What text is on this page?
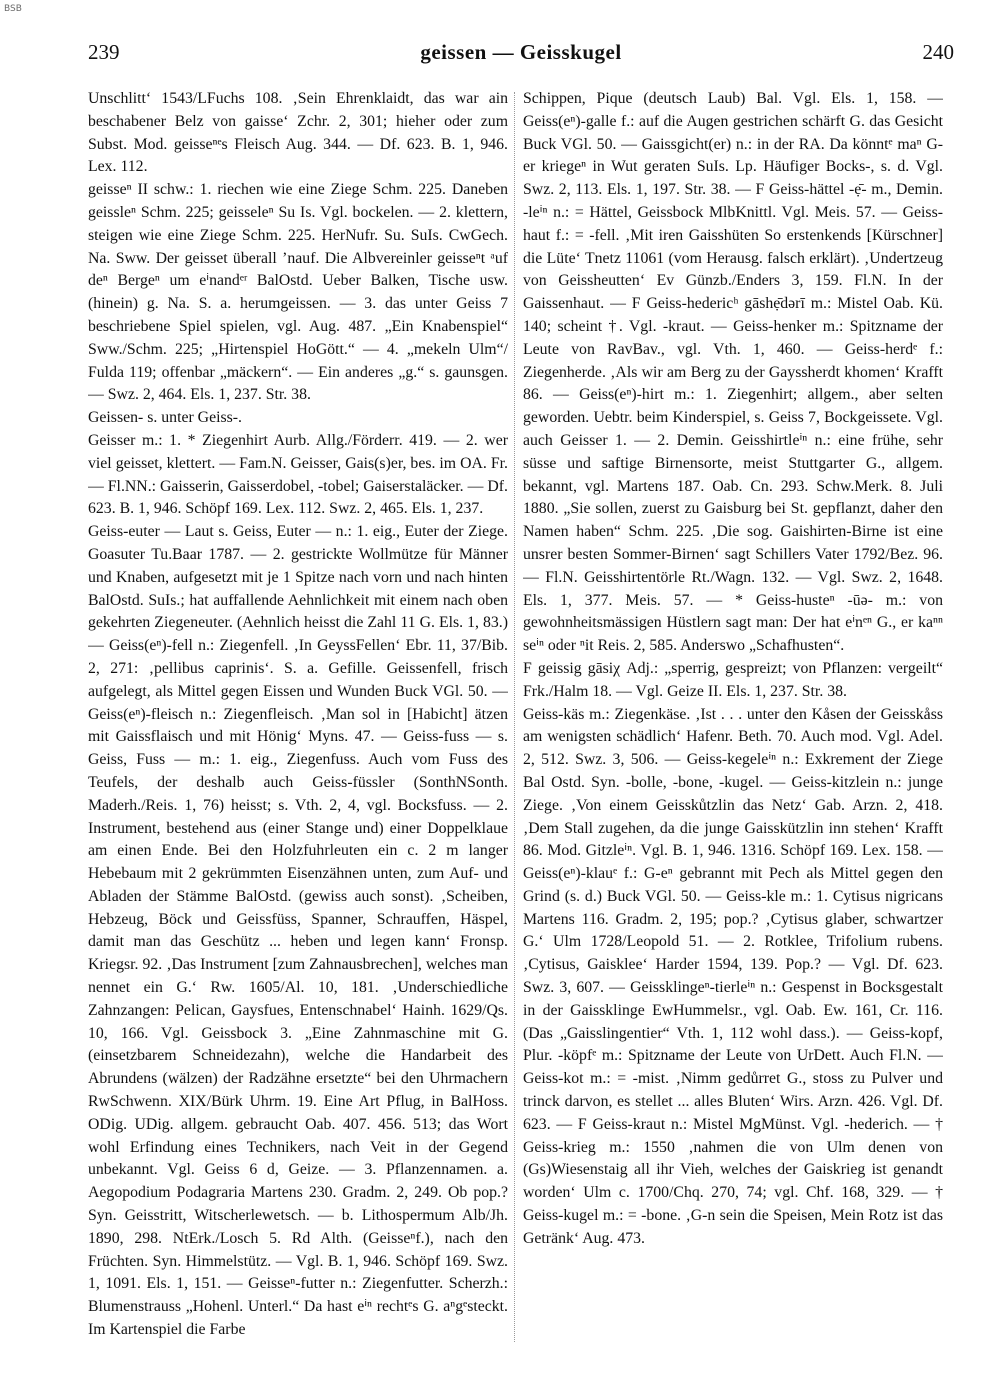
BSB
239	geissen — Geisskugel	240

Unschlitt‘ 1543/LFuchs 108. ‚Sein Ehrenklaidt, das war ain beschabener Belz von gaisse‘ Zchr. 2, 301; hieher oder zum Subst. Mod. geisseⁿᵉs Fleisch Aug. 344. — Df. 623. B. 1, 946. Lex. 112.

geisseⁿ II schw.: 1. riechen wie eine Ziege Schm. 225. Daneben geissleⁿ Schm. 225; geisseleⁿ Su Is. Vgl. bockelen. — 2. klettern, steigen wie eine Ziege Schm. 225. HerNufr. Su. SuIs. CwGech. Na. Sww. Der geisset überall ’nauf. Die Albvereinler geisseⁿt ᵃuf deⁿ Bergeⁿ um eⁱnandᵉʳ BalOstd. Ueber Balken, Tische usw. (hinein) g. Na. S. a. herumgeissen. — 3. das unter Geiss 7 beschriebene Spiel spielen, vgl. Aug. 487. „Ein Knabenspiel“ Sww./Schm. 225; „Hirtenspiel HoGött.“ — 4. „mekeln Ulm“/ Fulda 119; offenbar „mäckern“. — Ein anderes „g.“ s. gaunsgen. — Swz. 2, 464. Els. 1, 237. Str. 38.

Geissen- s. unter Geiss-.

Geisser m.: 1. * Ziegenhirt Aurb. Allg./Förderr. 419. — 2. wer viel geisset, klettert. — Fam.N. Geisser, Gais(s)er, bes. im OA. Fr. — Fl.NN.: Gaisserin, Gaisserdobel, -tobel; Gaiserstaläcker. — Df. 623. B. 1, 946. Schöpf 169. Lex. 112. Swz. 2, 465. Els. 1, 237.

Geiss-euter — Laut s. Geiss, Euter — n.: 1. eig., Euter der Ziege. Goasuter Tu.Baar 1787. — 2. gestrickte Wollmütze für Männer und Knaben, aufgesetzt mit je 1 Spitze nach vorn und nach hinten BalOstd. SuIs.; hat auffallende Aehnlichkeit mit einem nach oben gekehrten Ziegeneuter. (Aehnlich heisst die Zahl 11 G. Els. 1, 83.) — Geiss(eⁿ)-fell n.: Ziegenfell. ‚In GeyssFellen‘ Ebr. 11, 37/Bib. 2, 271: ‚pellibus caprinis‘. S. a. Gefille. Geissenfell, frisch aufgelegt, als Mittel gegen Eissen und Wunden Buck VGl. 50. — Geiss(eⁿ)-fleisch n.: Ziegenfleisch. ‚Man sol in [Habicht] ätzen mit Gaissflaisch und mit Hönig‘ Myns. 47. — Geiss-fuss — s. Geiss, Fuss — m.: 1. eig., Ziegenfuss. Auch vom Fuss des Teufels, der deshalb auch Geiss-füssler (SonthNSonth. Maderh./Reis. 1, 76) heisst; s. Vth. 2, 4, vgl. Bocksfuss. — 2. Instrument, bestehend aus (einer Stange und) einer Doppelklaue am einen Ende. Bei den Holzfuhrleuten ein c. 2 m langer Hebebaum mit 2 gekrümmten Eisenzähnen unten, zum Auf- und Abladen der Stämme BalOstd. (gewiss auch sonst). ‚Scheiben, Hebzeug, Böck und Geissfüss, Spanner, Schrauffen, Häspel, damit man das Geschütz ... heben und legen kann‘ Fronsp. Kriegsr. 92. ‚Das Instrument [zum Zahnausbrechen], welches man nennet ein G.‘ Rw. 1605/Al. 10, 181. ‚Underschiedliche Zahnzangen: Pelican, Gaysfues, Entenschnabel‘ Hainh. 1629/Qs. 10, 166. Vgl. Geissbock 3. „Eine Zahnmaschine mit G. (einsetzbarem Schneidezahn), welche die Handarbeit des Abrundens (wälzen) der Radzähne ersetzte“ bei den Uhrmachern RwSchwenn. XIX/Bürk Uhrm. 19. Eine Art Pflug, in BalHoss. ODig. UDig. allgem. gebraucht Oab. 407. 456. 513; das Wort wohl Erfindung eines Technikers, nach Veit in der Gegend unbekannt. Vgl. Geiss 6 d, Geize. — 3. Pflanzennamen. a. Aegopodium Podagraria Martens 230. Gradm. 2, 249. Ob pop.? Syn. Geisstritt, Witscherlewetsch. — b. Lithospermum Alb/Jh. 1890, 298. NtErk./Losch 5. Rd Alth. (Geisseⁿf.), nach den Früchten. Syn. Himmelstütz. — Vgl. B. 1, 946. Schöpf 169. Swz. 1, 1091. Els. 1, 151. — Geisseⁿ-futter n.: Ziegenfutter. Scherzh.: Blumenstrauss „Hohenl. Unterl.“ Da hast eⁱⁿ rechtᵉs G. aⁿgᵉsteckt. Im Kartenspiel die Farbe

Schippen, Pique (deutsch Laub) Bal. Vgl. Els. 1, 158. — Geiss(eⁿ)-galle f.: auf die Augen gestrichen schärft G. das Gesicht Buck VGl. 50. — Gaissgicht(er) n.: in der RA. Da könntᵉ maⁿ G-er kriegeⁿ in Wut geraten SuIs. Lp. Häufiger Bocks-, s. d. Vgl. Swz. 2, 113. Els. 1, 197. Str. 38. — F Geiss-hättel -ẹ̄- m., Demin. -leⁱⁿ n.: = Hättel, Geissbock MlbKnittl. Vgl. Meis. 57. — Geiss-haut f.: = -fell. ‚Mit iren Gaisshüten So erstenkends [Kürschner] die Lüte‘ Tnetz 11061 (vom Herausg. falsch erklärt). ‚Undertzeug von Geisshеutten‘ Ev Günzb./Enders 3, 159. Fl.N. In der Gaissenhaut. — F Geiss-hedericʰ gāshẹ̄dərī m.: Mistel Oab. Kü. 140; scheint †. Vgl. -kraut. — Geiss-henker m.: Spitzname der Leute von RavBav., vgl. Vth. 1, 460. — Geiss-herdᵉ f.: Ziegenherde. ‚Als wir am Berg zu der Gayssherdt khomen‘ Krafft 86. — Geiss(eⁿ)-hirt m.: 1. Ziegenhirt; allgem., aber selten geworden. Uebtr. beim Kinderspiel, s. Geiss 7, Bockgeissete. Vgl. auch Geisser 1. — 2. Demin. Geisshirtleⁱⁿ n.: eine frühe, sehr süsse und saftige Birnensorte, meist Stuttgarter G., allgem. bekannt, vgl. Martens 187. Oab. Cn. 293. Schw.Merk. 8. Juli 1880. „Sie sollen, zuerst zu Gaisburg bei St. gepflanzt, daher den Namen haben“ Schm. 225. ‚Die sog. Gaishirten-Birne ist eine unsrer besten Sommer-Birnen‘ sagt Schillers Vater 1792/Bez. 96. — Fl.N. Geisshirtentörle Rt./Wagn. 132. — Vgl. Swz. 2, 1648. Els. 1, 377. Meis. 57. — * Geiss-husteⁿ -ūə- m.: von gewohnheitsmässigen Hüstlern sagt man: Der hat eⁱnᵉⁿ G., er kaⁿⁿ seⁱⁿ oder ⁿit Reis. 2, 585. Anderswo „Schafhusten“.

F geissig gāsiχ Adj.: „sperrig, gespreizt; von Pflanzen: vergeilt“ Frk./Halm 18. — Vgl. Geize II. Els. 1, 237. Str. 38.

Geiss-käs m.: Ziegenkäse. ‚Ist . . . unter den Kåsen der Geisskåss am wenigsten schädlich‘ Hafenr. Beth. 70. Auch mod. Vgl. Adel. 2, 512. Swz. 3, 506. — Geiss-kegeleⁱⁿ n.: Exkrement der Ziege Bal Ostd. Syn. -bolle, -bone, -kugel. — Geiss-kitzlein n.: junge Ziege. ‚Von einem Geisskůtzlin das Netz‘ Gab. Arzn. 2, 418. ‚Dem Stall zugehen, da die junge Gaisskützlin inn stehen‘ Krafft 86. Mod. Gitzleⁱⁿ. Vgl. B. 1, 946. 1316. Schöpf 169. Lex. 158. — Geiss(eⁿ)-klauᵉ f.: G-eⁿ gebrannt mit Pech als Mittel gegen den Grind (s. d.) Buck VGl. 50. — Geiss-kle m.: 1. Cytisus nigricans Martens 116. Gradm. 2, 195; pop.? ‚Cytisus glaber, schwartzer G.‘ Ulm 1728/Leopold 51. — 2. Rotklee, Trifolium rubens. ‚Cytisus, Gaisklee‘ Harder 1594, 139. Pop.? — Vgl. Df. 623. Swz. 3, 607. — Geissklingeⁿ-tierleⁱⁿ n.: Gespenst in Bocksgestalt in der Gaissklinge EwHummelsr., vgl. Oab. Ew. 161, Cr. 116. (Das „Gaisslingentier“ Vth. 1, 112 wohl dass.). — Geiss-kopf, Plur. -köpfᵉ m.: Spitzname der Leute von UrDett. Auch Fl.N. — Geiss-kot m.: = -mist. ‚Nimm gedůrret G., stoss zu Pulver und trinck darvon, es stellet ... alles Bluten‘ Wirs. Arzn. 426. Vgl. Df. 623. — F Geiss-kraut n.: Mistel MgMünst. Vgl. -hederich. — † Geiss-krieg m.: 1550 ‚nahmen die von Ulm denen von (Gs)Wiesenstaig all ihr Vieh, welches der Gaiskrieg ist genandt worden‘ Ulm c. 1700/Chq. 270, 74; vgl. Chf. 168, 329. — † Geiss-kugel m.: = -bone. ‚G-n sein die Speisen, Mein Rotz ist das Getränk‘ Aug. 473.
